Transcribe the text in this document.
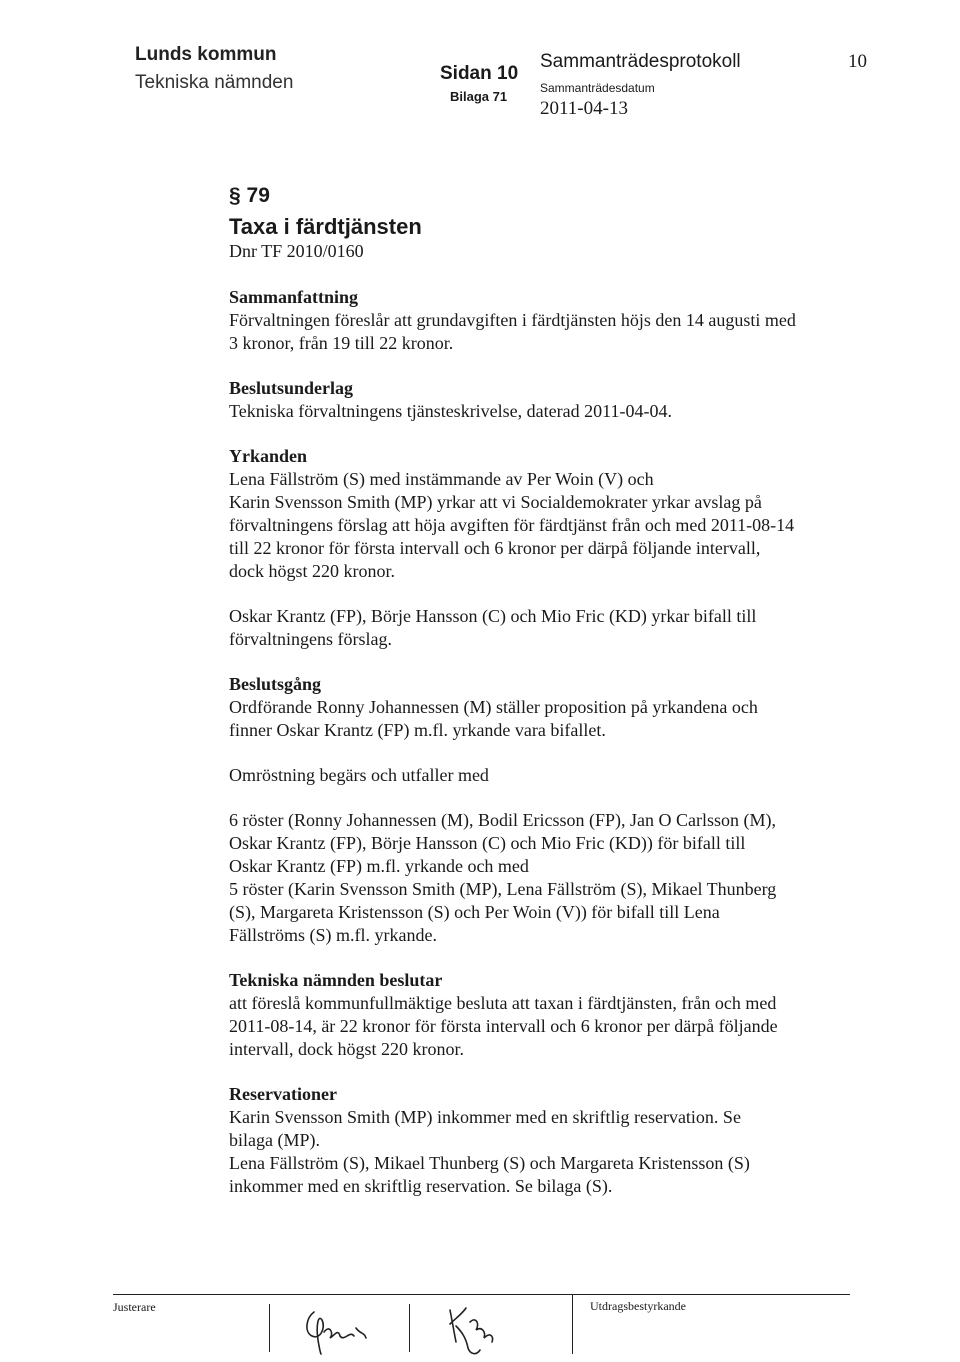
Lunds kommun
Tekniska nämnden	Sidan 10
Bilaga 71
Sammanträdesprotokoll
Sammanträdesdatum
2011-04-13
10
§ 79
Taxa i färdtjänsten
Dnr TF 2010/0160
Sammanfattning

Förvaltningen föreslår att grundavgiften i färdtjänsten höjs den 14 augusti med
3 kronor, från 19 till 22 kronor.

Beslutsunderlag

Tekniska förvaltningens tjänsteskrivelse, daterad 2011-04-04.

Yrkanden

Lena Fällström (S) med instämmande av Per Woin (V) och
Karin Svensson Smith (MP) yrkar att vi Socialdemokrater yrkar avslag på
förvaltningens förslag att höja avgiften för färdtjänst från och med 2011-08-14
till 22 kronor för första intervall och 6 kronor per därpå följande intervall,
dock högst 220 kronor.

Oskar Krantz (FP), Börje Hansson (C) och Mio Fric (KD) yrkar bifall till
förvaltningens förslag.

Beslutsgång

Ordförande Ronny Johannessen (M) ställer proposition på yrkandena och
finner Oskar Krantz (FP) m.fl. yrkande vara bifallet.

Omröstning begärs och utfaller med

6 röster (Ronny Johannessen (M), Bodil Ericsson (FP), Jan O Carlsson (M),
Oskar Krantz (FP), Börje Hansson (C) och Mio Fric (KD)) för bifall till
Oskar Krantz (FP) m.fl. yrkande och med
5 röster (Karin Svensson Smith (MP), Lena Fällström (S), Mikael Thunberg
(S), Margareta Kristensson (S) och Per Woin (V)) för bifall till Lena
Fällströms (S) m.fl. yrkande.

Tekniska nämnden beslutar

att föreslå kommunfullmäktige besluta att taxan i färdtjänsten, från och med
2011-08-14, är 22 kronor för första intervall och 6 kronor per därpå följande
intervall, dock högst 220 kronor.

Reservationer

Karin Svensson Smith (MP) inkommer med en skriftlig reservation. Se
bilaga (MP).
Lena Fällström (S), Mikael Thunberg (S) och Margareta Kristensson (S)
inkommer med en skriftlig reservation. Se bilaga (S).

Justerare	Utdragsbestyrkande
